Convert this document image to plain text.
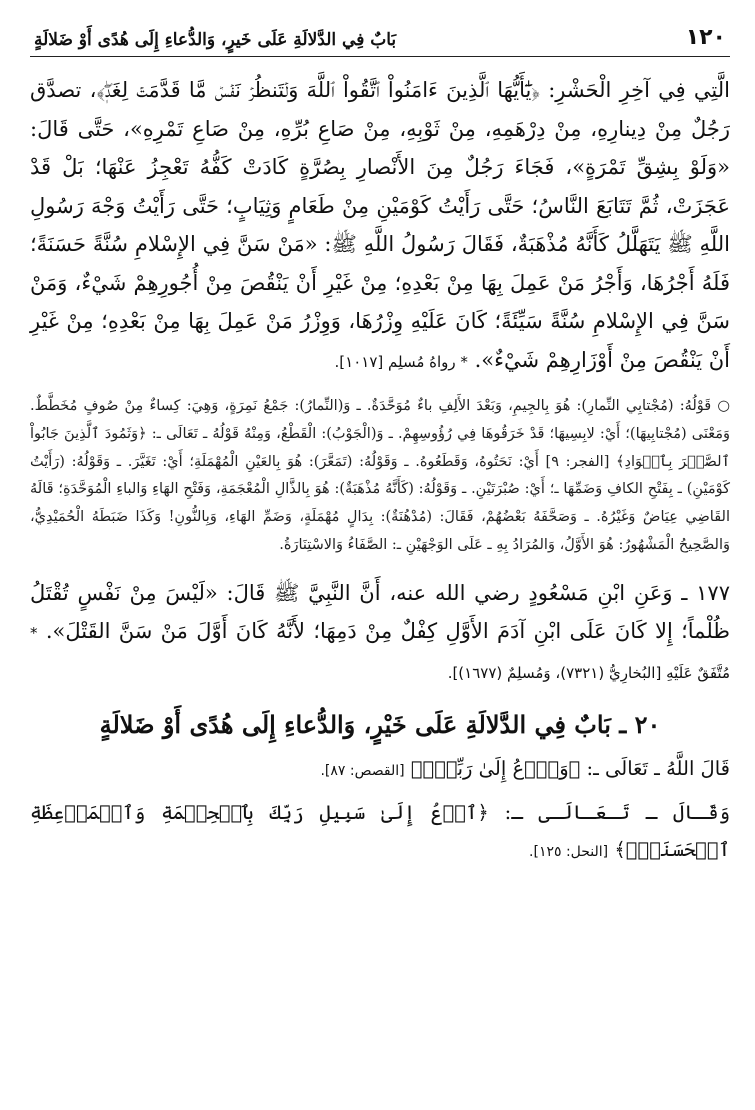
١٢٠
بَابٌ فِي الدَّلالَةِ عَلَى خَيرٍ، وَالدُّعاءِ إِلَى هُدًى أَوْ ضَلالَةٍ
الَّتِي فِي آخِرِ الْحَشْرِ: ﴿يَٰٓأَيُّهَا ٱلَّذِينَ ءَامَنُواْ ٱتَّقُواْ ٱللَّهَ وَلۡتَنظُرۡ نَفۡسٞ مَّا قَدَّمَتۡ لِغَدٖۖ﴾، تصدَّق رَجُلٌ مِنْ دِينارِهِ، مِنْ دِرْهَمِهِ، مِنْ ثَوْبِهِ، مِنْ صَاعِ بُرِّهِ، مِنْ صَاعِ تَمْرِهِ»، حَتَّى قَالَ: «وَلَوْ بِشِقِّ تَمْرَةٍ»، فَجَاءَ رَجُلٌ مِنَ الأَنْصارِ بِصُرَّةٍ كَادَتْ كَفُّهُ تَعْجِزُ عَنْهَا؛ بَلْ قَدْ عَجَزَتْ، ثُمَّ تَتَابَعَ النَّاسُ؛ حَتَّى رَأَيْتُ كَوْمَيْنِ مِنْ طَعَامٍ وَثِيَابٍ؛ حَتَّى رَأَيْتُ وَجْهَ رَسُولِ اللَّهِ ﷺ يَتَهَلَّلُ كَأَنَّهُ مُذْهَبَةٌ، فَقَالَ رَسُولُ اللَّهِ ﷺ: «مَنْ سَنَّ فِي الإِسْلامِ سُنَّةً حَسَنَةً؛ فَلَهُ أَجْرُهَا، وَأَجْرُ مَنْ عَمِلَ بِهَا مِنْ بَعْدِهِ؛ مِنْ غَيْرِ أَنْ يَنْقُصَ مِنْ أُجُورِهِمْ شَيْءٌ، وَمَنْ سَنَّ فِي الإِسْلامِ سُنَّةً سَيِّئَةً؛ كَانَ عَلَيْهِ وِزْرُهَا، وَوِزْرُ مَنْ عَمِلَ بِهَا مِنْ بَعْدِهِ؛ مِنْ غَيْرِ أَنْ يَنْقُصَ مِنْ أَوْزَارِهِمْ شَيْءٌ». * رواهُ مُسلِم [١٠١٧].
○ قَوْلُهُ: (مُجْتابِي النِّمارِ): هُوَ بِالجِيمِ، وَبَعْدَ الأَلِفِ باءٌ مُوَحَّدَةٌ. ـ وَ(النِّمارُ): جَمْعُ نَمِرَةٍ، وَهِيَ: كِساءٌ مِنْ صُوفٍ مُخَطَّطٌ. وَمَعْنَى (مُجْتابِيهَا)؛ أَيْ: لابِسِيهَا؛ قَدْ خَرَقُوهَا فِي رُؤُوسِهِمْ. ـ وَ(الْجَوْبُ): الْقَطْعُ، وَمِنْهُ قَوْلُهُ ـ تَعَالَى ـ: ﴿وَثَمُودَ ٱلَّذِينَ جَابُواْ ٱلصَّخۡرَ بِٱلۡوَادِ﴾ [الفجر: ٩] أَيْ: نَحَتُوهُ، وَقَطَعُوهُ. ـ وَقَوْلُهُ: (تَمَعَّرَ): هُوَ بِالعَيْنِ الْمُهْمَلَةِ؛ أَيْ: تَغَيَّرَ. ـ وَقَوْلُهُ: (رَأَيْتُ كَوْمَيْنِ) ـ بِفَتْحِ الكافِ وَضَمِّهَا ـ؛ أَيْ: صُبْرَتَيْنِ. ـ وَقَوْلُهُ: (كَأَنَّهُ مُذْهَبَةٌ): هُوَ بِالذَّالِ الْمُعْجَمَةِ، وَفَتْحِ الهَاءِ وَالباءِ الْمُوَحَّدَةِ؛ قَالَهُ القَاضِي عِيَاضٌ وَغَيْرُهُ. ـ وَصَحَّفَهُ بَعْضُهُمْ، فَقَالَ: (مُدْهُنَةٌ): بِدَالٍ مُهْمَلَةٍ، وَضَمِّ الهَاءِ، وَبِالنُّونِ! وَكَذَا ضَبَطَهُ الْحُمَيْدِيُّ، وَالصَّحِيحُ الْمَشْهُورُ: هُوَ الأَوَّلُ، وَالمُرَادُ بِهِ ـ عَلَى الوَجْهَيْنِ ـ: الصَّفَاءُ وَالاسْتِنَارَةُ.
١٧٧ ـ وَعَنِ ابْنِ مَسْعُودٍ رضي الله عنه، أَنَّ النَّبِيَّ ﷺ قَالَ: «لَيْسَ مِنْ نَفْسٍ تُقْتَلُ ظُلْماً؛ إِلا كَانَ عَلَى ابْنِ آدَمَ الأَوَّلِ كِفْلٌ مِنْ دَمِهَا؛ لأَنَّهُ كَانَ أَوَّلَ مَنْ سَنَّ القَتْلَ». * مُتَّفَقٌ عَلَيْهِ [البُخارِيُّ (٧٣٢١)، وَمُسلِمٌ (١٦٧٧)].
٢٠ ـ بَابٌ فِي الدَّلالَةِ عَلَى خَيْرٍ، وَالدُّعاءِ إِلَى هُدًى أَوْ ضَلالَةٍ
قَالَ اللَّهُ ـ تَعَالَى ـ: ﴿وَٱدۡعُ إِلَىٰ رَبِّكَۖ﴾ [القصص: ٨٧].
وَقَـالَ ـ تَـعَـالَـى ـ: ﴿ٱدۡعُ إِلَىٰ سَبِيلِ رَبِّكَ بِٱلۡحِكۡمَةِ وَٱلۡمَوۡعِظَةِ ٱلۡحَسَنَةِۖ﴾ [النحل: ١٢٥].
